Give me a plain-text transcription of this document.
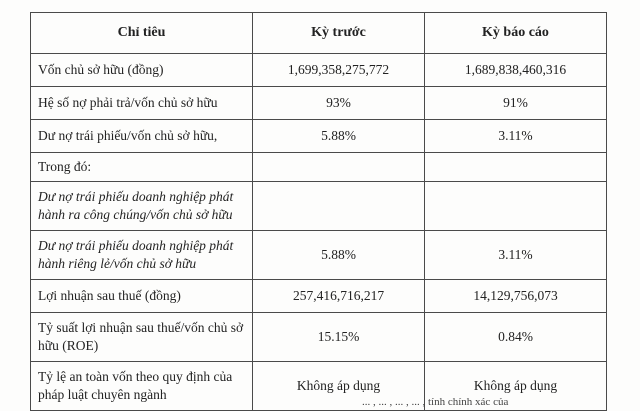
Chỉ tiêu	Kỳ trước	Kỳ báo cáo
Vốn chủ sở hữu (đồng)	1,699,358,275,772	1,689,838,460,316
Hệ số nợ phải trả/vốn chủ sở hữu	93%	91%
Dư nợ trái phiếu/vốn chủ sở hữu,	5.88%	3.11%
Trong đó:		
Dư nợ trái phiếu doanh nghiệp phát hành ra công chúng/vốn chủ sở hữu		
Dư nợ trái phiếu doanh nghiệp phát hành riêng lẻ/vốn chủ sở hữu	5.88%	3.11%
Lợi nhuận sau thuế (đồng)	257,416,716,217	14,129,756,073
Tỷ suất lợi nhuận sau thuế/vốn chủ sở hữu (ROE)	15.15%	0.84%
Tỷ lệ an toàn vốn theo quy định của pháp luật chuyên ngành	Không áp dụng	Không áp dụng
... , ... , ... , ... , tính chính xác của
